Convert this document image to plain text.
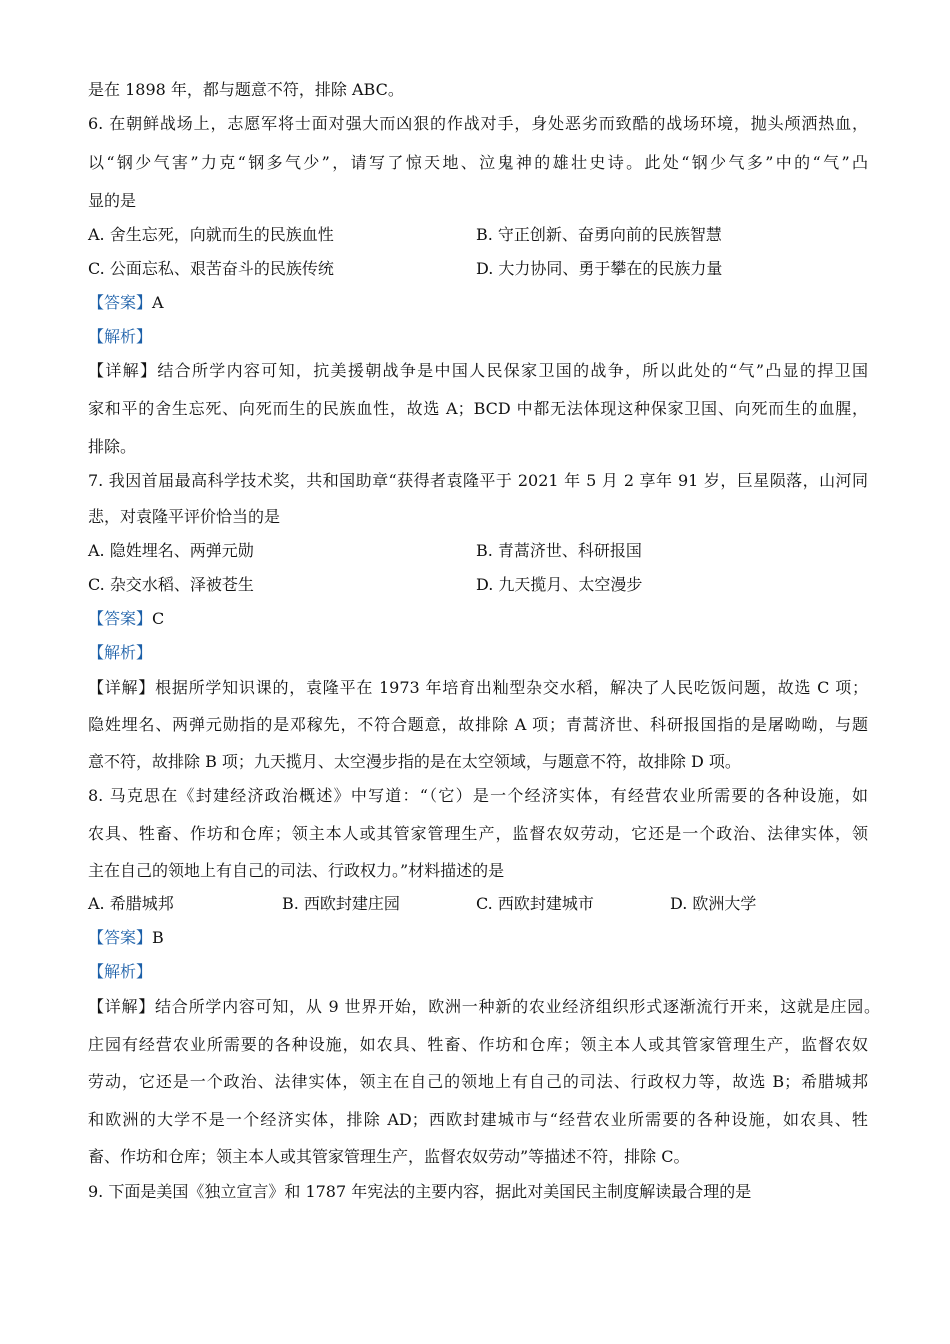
是在 1898 年，都与题意不符，排除 ABC。
6. 在朝鲜战场上，志愿军将士面对强大而凶狠的作战对手，身处恶劣而致酷的战场环境，抛头颅洒热血，
以“钢少气害”力克“钢多气少”，请写了惊天地、泣鬼神的雄壮史诗。此处“钢少气多”中的“气”凸
显的是
A. 舍生忘死，向就而生的民族血性	B. 守正创新、奋勇向前的民族智慧
C. 公面忘私、艰苦奋斗的民族传统	D. 大力协同、勇于攀在的民族力量
【答案】A
【解析】
【详解】结合所学内容可知，抗美援朝战争是中国人民保家卫国的战争，所以此处的“气”凸显的捍卫国
家和平的舍生忘死、向死而生的民族血性，故选 A；BCD 中都无法体现这种保家卫国、向死而生的血腥，
排除。
7. 我因首届最高科学技术奖，共和国助章“获得者袁隆平于 2021 年 5 月 2 享年 91 岁，巨星陨落，山河同
悲，对袁隆平评价恰当的是
A. 隐姓埋名、两弹元勋	B. 青蒿济世、科研报国
C. 杂交水稻、泽被苍生	D. 九天揽月、太空漫步
【答案】C
【解析】
【详解】根据所学知识课的，袁隆平在 1973 年培育出籼型杂交水稻，解决了人民吃饭问题，故选 C 项；
隐姓埋名、两弹元勋指的是邓稼先，不符合题意，故排除 A 项；青蒿济世、科研报国指的是屠呦呦，与题
意不符，故排除 B 项；九天揽月、太空漫步指的是在太空领域，与题意不符，故排除 D 项。
8. 马克思在《封建经济政治概述》中写道：“（它）是一个经济实体，有经营农业所需要的各种设施，如
农具、牲畜、作坊和仓库；领主本人或其管家管理生产，监督农奴劳动，它还是一个政治、法律实体，领
主在自己的领地上有自己的司法、行政权力。”材料描述的是
A. 希腊城邦	B. 西欧封建庄园	C. 西欧封建城市	D. 欧洲大学
【答案】B
【解析】
【详解】结合所学内容可知，从 9 世界开始，欧洲一种新的农业经济组织形式逐渐流行开来，这就是庄园。
庄园有经营农业所需要的各种设施，如农具、牲畜、作坊和仓库；领主本人或其管家管理生产，监督农奴
劳动，它还是一个政治、法律实体，领主在自己的领地上有自己的司法、行政权力等，故选 B；希腊城邦
和欧洲的大学不是一个经济实体，排除 AD；西欧封建城市与“经营农业所需要的各种设施，如农具、牲
畜、作坊和仓库；领主本人或其管家管理生产，监督农奴劳动”等描述不符，排除 C。
9. 下面是美国《独立宣言》和 1787 年宪法的主要内容，据此对美国民主制度解读最合理的是
